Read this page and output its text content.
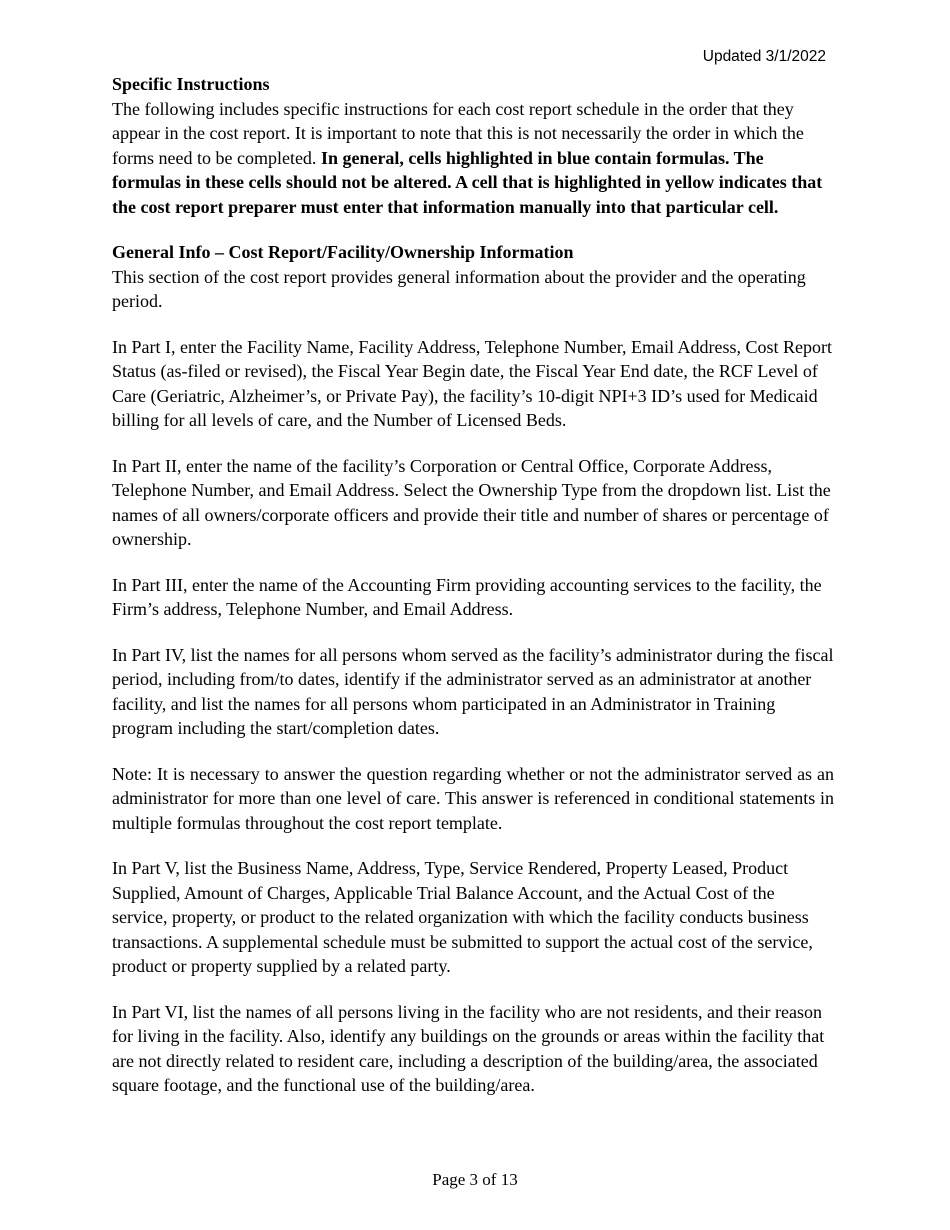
Updated 3/1/2022

Specific Instructions

The following includes specific instructions for each cost report schedule in the order that they appear in the cost report. It is important to note that this is not necessarily the order in which the forms need to be completed. In general, cells highlighted in blue contain formulas. The formulas in these cells should not be altered. A cell that is highlighted in yellow indicates that the cost report preparer must enter that information manually into that particular cell.

General Info – Cost Report/Facility/Ownership Information

This section of the cost report provides general information about the provider and the operating period.

In Part I, enter the Facility Name, Facility Address, Telephone Number, Email Address, Cost Report Status (as-filed or revised), the Fiscal Year Begin date, the Fiscal Year End date, the RCF Level of Care (Geriatric, Alzheimer’s, or Private Pay), the facility’s 10-digit NPI+3 ID’s used for Medicaid billing for all levels of care, and the Number of Licensed Beds.

In Part II, enter the name of the facility’s Corporation or Central Office, Corporate Address, Telephone Number, and Email Address. Select the Ownership Type from the dropdown list. List the names of all owners/corporate officers and provide their title and number of shares or percentage of ownership.

In Part III, enter the name of the Accounting Firm providing accounting services to the facility, the Firm’s address, Telephone Number, and Email Address.

In Part IV, list the names for all persons whom served as the facility’s administrator during the fiscal period, including from/to dates, identify if the administrator served as an administrator at another facility, and list the names for all persons whom participated in an Administrator in Training program including the start/completion dates.

Note: It is necessary to answer the question regarding whether or not the administrator served as an administrator for more than one level of care. This answer is referenced in conditional statements in multiple formulas throughout the cost report template.

In Part V, list the Business Name, Address, Type, Service Rendered, Property Leased, Product Supplied, Amount of Charges, Applicable Trial Balance Account, and the Actual Cost of the service, property, or product to the related organization with which the facility conducts business transactions. A supplemental schedule must be submitted to support the actual cost of the service, product or property supplied by a related party.

In Part VI, list the names of all persons living in the facility who are not residents, and their reason for living in the facility. Also, identify any buildings on the grounds or areas within the facility that are not directly related to resident care, including a description of the building/area, the associated square footage, and the functional use of the building/area.

Page 3 of 13
